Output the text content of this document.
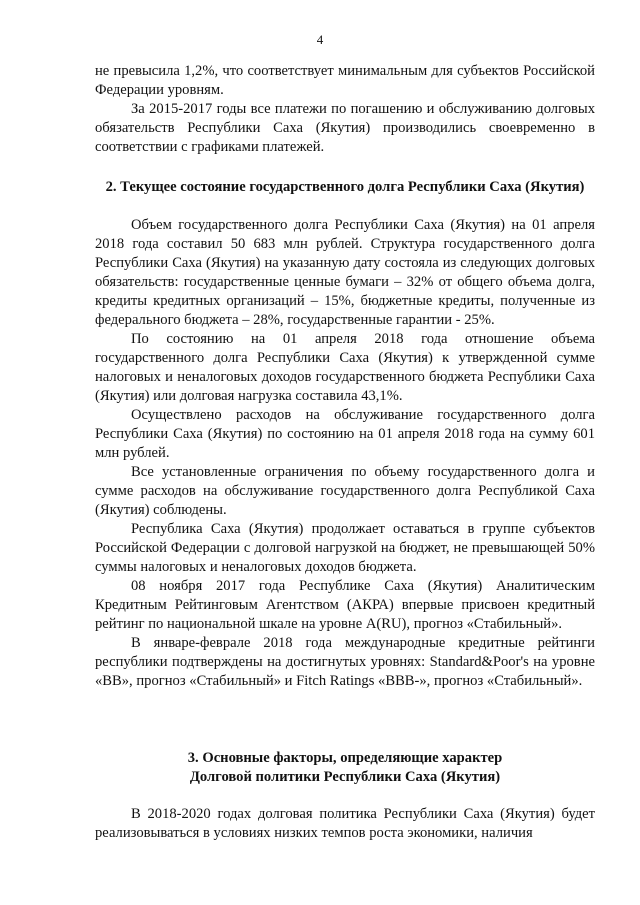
4

не превысила 1,2%, что соответствует минимальным для субъектов Российской Федерации уровням.

За 2015-2017 годы все платежи по погашению и обслуживанию долговых обязательств Республики Саха (Якутия) производились своевременно в соответствии с графиками платежей.

2. Текущее состояние государственного долга Республики Саха (Якутия)

Объем государственного долга Республики Саха (Якутия) на 01 апреля 2018 года составил 50 683 млн рублей. Структура государственного долга Республики Саха (Якутия) на указанную дату состояла из следующих долговых обязательств: государственные ценные бумаги – 32% от общего объема долга, кредиты кредитных организаций – 15%, бюджетные кредиты, полученные из федерального бюджета – 28%, государственные гарантии - 25%.

По состоянию на 01 апреля 2018 года отношение объема государственного долга Республики Саха (Якутия) к утвержденной сумме налоговых и неналоговых доходов государственного бюджета Республики Саха (Якутия) или долговая нагрузка составила 43,1%.

Осуществлено расходов на обслуживание государственного долга Республики Саха (Якутия) по состоянию на 01 апреля 2018 года на сумму 601 млн рублей.

Все установленные ограничения по объему государственного долга и сумме расходов на обслуживание государственного долга Республикой Саха (Якутия) соблюдены.

Республика Саха (Якутия) продолжает оставаться в группе субъектов Российской Федерации с долговой нагрузкой на бюджет, не превышающей 50% суммы налоговых и неналоговых доходов бюджета.

08 ноября 2017 года Республике Саха (Якутия) Аналитическим Кредитным Рейтинговым Агентством (АКРА) впервые присвоен кредитный рейтинг по национальной шкале на уровне A(RU), прогноз «Стабильный».

В январе-феврале 2018 года международные кредитные рейтинги республики подтверждены на достигнутых уровнях: Standard&Poor's на уровне «BB», прогноз «Стабильный» и Fitch Ratings «BBB-», прогноз «Стабильный».

3. Основные факторы, определяющие характер
Долговой политики Республики Саха (Якутия)

В 2018-2020 годах долговая политика Республики Саха (Якутия) будет реализовываться в условиях низких темпов роста экономики, наличия
